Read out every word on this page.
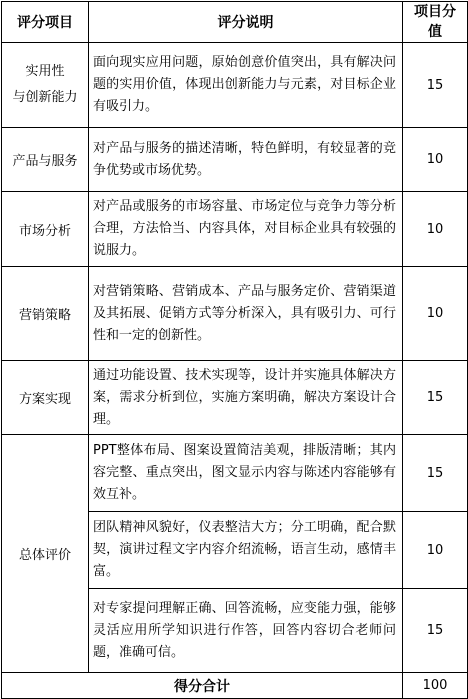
评分项目	评分说明	项目分
值

实用性
与创新能力	面向现实应用问题，原始创意价值突出，具有解决问题的实用价值，体现出创新能力与元素，对目标企业有吸引力。	15
产品与服务	对产品与服务的描述清晰，特色鲜明，有较显著的竞争优势或市场优势。	10
市场分析	对产品或服务的市场容量、市场定位与竞争力等分析合理，方法恰当、内容具体，对目标企业具有较强的说服力。	10
营销策略	对营销策略、营销成本、产品与服务定价、营销渠道及其拓展、促销方式等分析深入，具有吸引力、可行性和一定的创新性。	10
方案实现	通过功能设置、技术实现等，设计并实施具体解决方案，需求分析到位，实施方案明确，解决方案设计合理。	15
总体评价	PPT整体布局、图案设置简洁美观，排版清晰；其内容完整、重点突出，图文显示内容与陈述内容能够有效互补。	15
	团队精神风貌好，仪表整洁大方；分工明确，配合默契，演讲过程文字内容介绍流畅，语言生动，感情丰富。	10
	对专家提问理解正确、回答流畅，应变能力强，能够灵活应用所学知识进行作答，回答内容切合老师问题，准确可信。	15
得分合计		100
